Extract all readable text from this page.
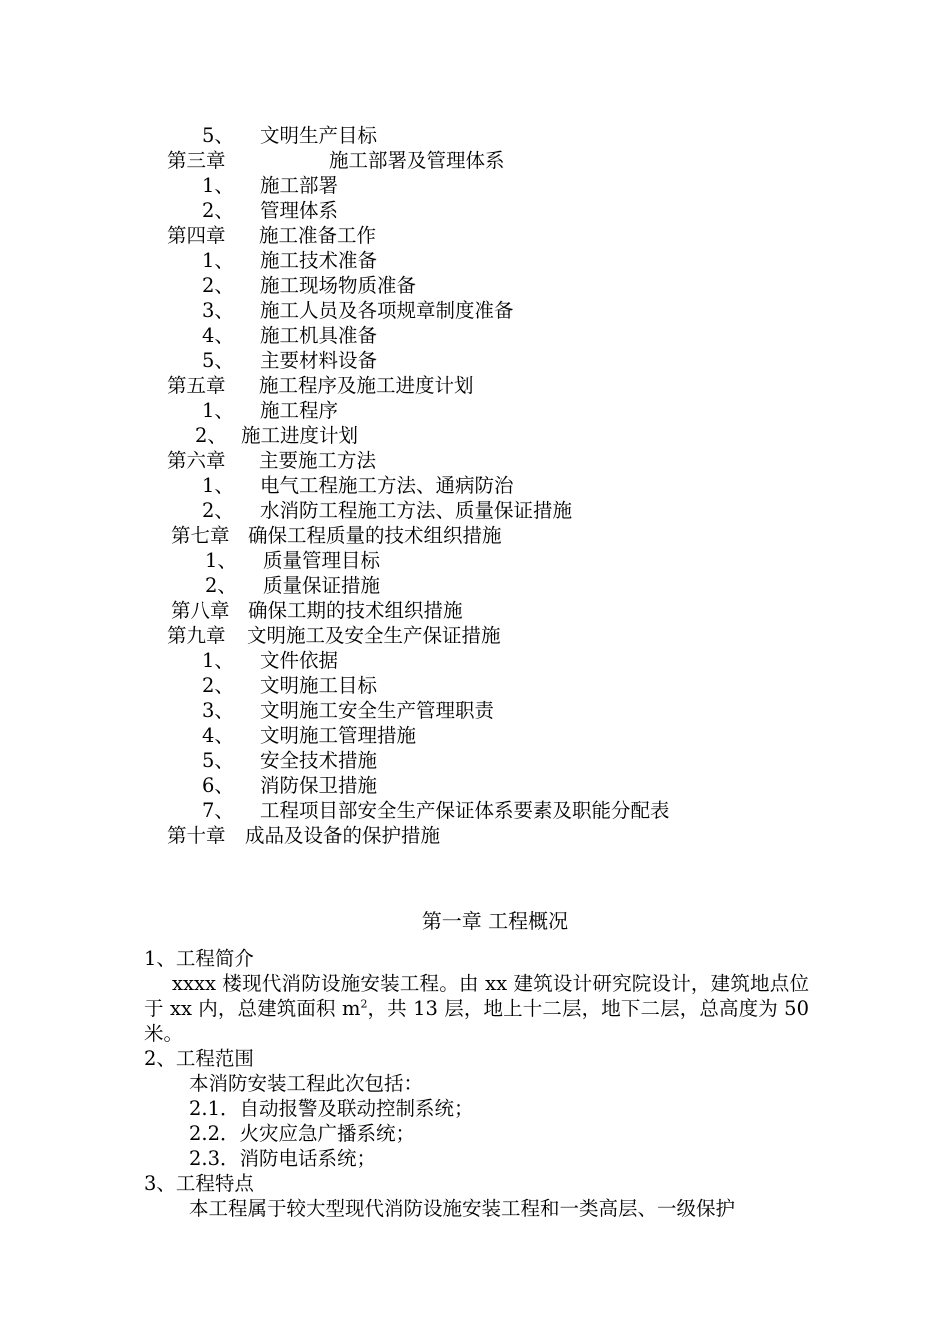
5、 文明生产目标
第三章	施工部署及管理体系
1、 施工部署
2、 管理体系
第四章 施工准备工作
1、 施工技术准备
2、 施工现场物质准备
3、 施工人员及各项规章制度准备
4、 施工机具准备
5、 主要材料设备
第五章 施工程序及施工进度计划
1、 施工程序
2、 施工进度计划
第六章 主要施工方法
1、 电气工程施工方法、通病防治
2、 水消防工程施工方法、质量保证措施
第七章 确保工程质量的技术组织措施
1、 质量管理目标
2、 质量保证措施
第八章 确保工期的技术组织措施
第九章 文明施工及安全生产保证措施
1、 文件依据
2、 文明施工目标
3、 文明施工安全生产管理职责
4、 文明施工管理措施
5、 安全技术措施
6、 消防保卫措施
7、 工程项目部安全生产保证体系要素及职能分配表
第十章 成品及设备的保护措施
第一章 工程概况
1、工程简介
xxxx 楼现代消防设施安装工程。由 xx 建筑设计研究院设计，建筑地点位于 xx 内，总建筑面积 $m^2$，共 13 层，地上十二层，地下二层，总高度为 50 米。
2、工程范围
本消防安装工程此次包括：
2.1．自动报警及联动控制系统；
2.2．火灾应急广播系统；
2.3．消防电话系统；
3、工程特点
本工程属于较大型现代消防设施安装工程和一类高层、一级保护
